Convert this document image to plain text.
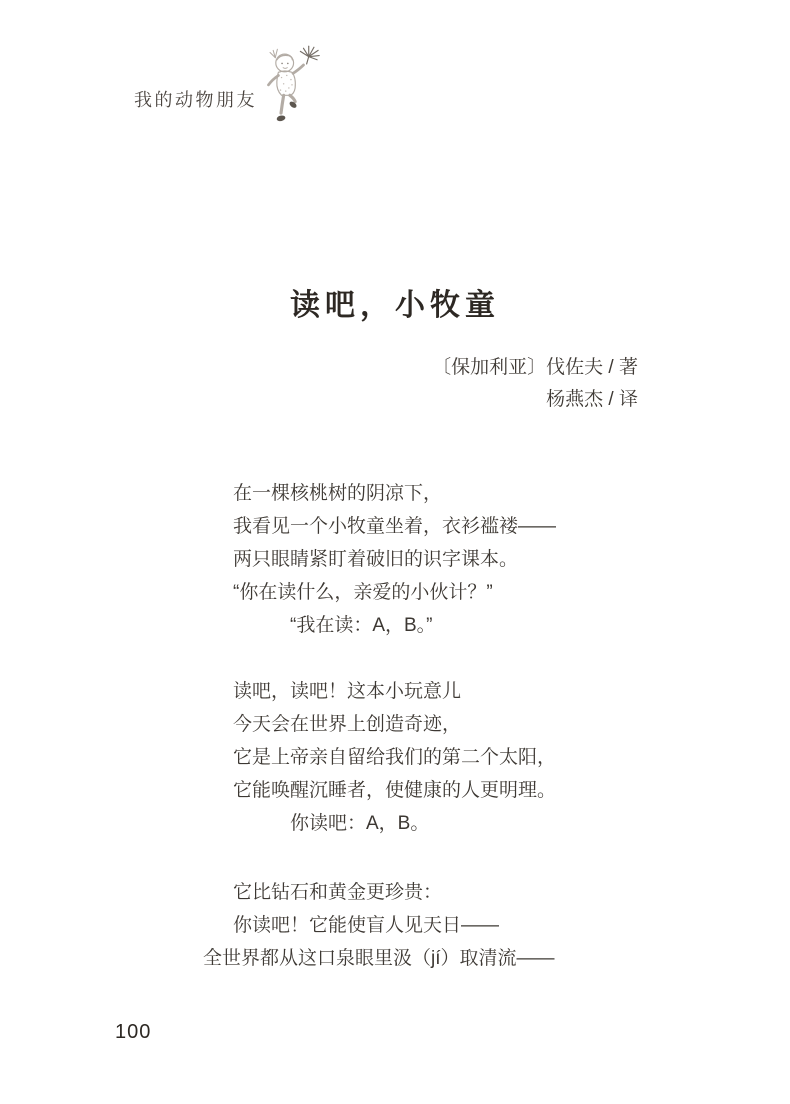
我的动物朋友
读吧，小牧童
〔保加利亚〕伐佐夫 / 著
杨燕杰 / 译
在一棵核桃树的阴凉下，
我看见一个小牧童坐着，衣衫褴褛——
两只眼睛紧盯着破旧的识字课本。
“你在读什么，亲爱的小伙计？”
“我在读：A，B。”
读吧，读吧！这本小玩意儿
今天会在世界上创造奇迹，
它是上帝亲自留给我们的第二个太阳，
它能唤醒沉睡者，使健康的人更明理。
你读吧：A，B。
它比钻石和黄金更珍贵：
你读吧！它能使盲人见天日——
全世界都从这口泉眼里汲（jí）取清流——
100
